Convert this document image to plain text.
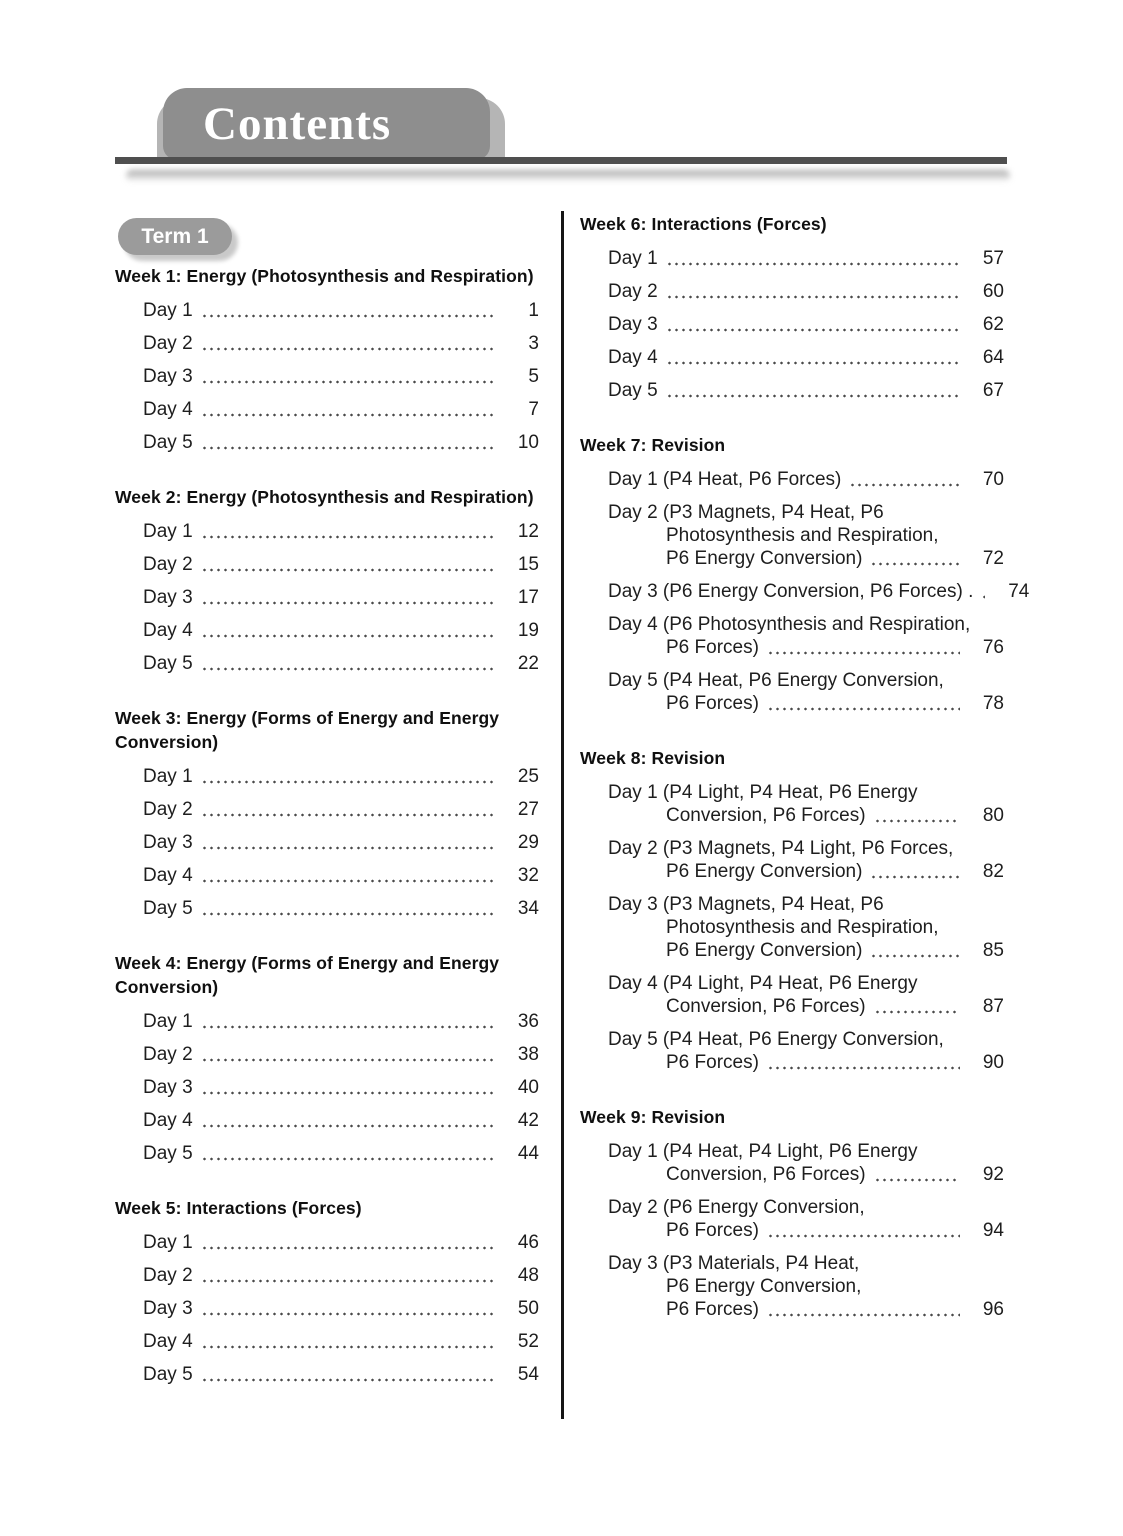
Contents
Term 1
Week 1: Energy (Photosynthesis and Respiration)
Day 1	1
Day 2	3
Day 3	5
Day 4	7
Day 5	10
Week 2: Energy (Photosynthesis and Respiration)
Day 1	12
Day 2	15
Day 3	17
Day 4	19
Day 5	22
Week 3: Energy (Forms of Energy and Energy Conversion)
Day 1	25
Day 2	27
Day 3	29
Day 4	32
Day 5	34
Week 4: Energy (Forms of Energy and Energy Conversion)
Day 1	36
Day 2	38
Day 3	40
Day 4	42
Day 5	44
Week 5: Interactions (Forces)
Day 1	46
Day 2	48
Day 3	50
Day 4	52
Day 5	54
Week 6: Interactions (Forces)
Day 1	57
Day 2	60
Day 3	62
Day 4	64
Day 5	67
Week 7: Revision
Day 1 (P4 Heat, P6 Forces)	70
Day 2 (P3 Magnets, P4 Heat, P6
Photosynthesis and Respiration,
P6 Energy Conversion)	72
Day 3 (P6 Energy Conversion, P6 Forces) .	74
Day 4 (P6 Photosynthesis and Respiration,
P6 Forces)	76
Day 5 (P4 Heat, P6 Energy Conversion,
P6 Forces)	78
Week 8: Revision
Day 1 (P4 Light, P4 Heat, P6 Energy
Conversion, P6 Forces)	80
Day 2 (P3 Magnets, P4 Light, P6 Forces,
P6 Energy Conversion)	82
Day 3 (P3 Magnets, P4 Heat, P6
Photosynthesis and Respiration,
P6 Energy Conversion)	85
Day 4 (P4 Light, P4 Heat, P6 Energy
Conversion, P6 Forces)	87
Day 5 (P4 Heat, P6 Energy Conversion,
P6 Forces)	90
Week 9: Revision
Day 1 (P4 Heat, P4 Light, P6 Energy
Conversion, P6 Forces)	92
Day 2 (P6 Energy Conversion,
P6 Forces)	94
Day 3 (P3 Materials, P4 Heat,
P6 Energy Conversion,
P6 Forces)	96
